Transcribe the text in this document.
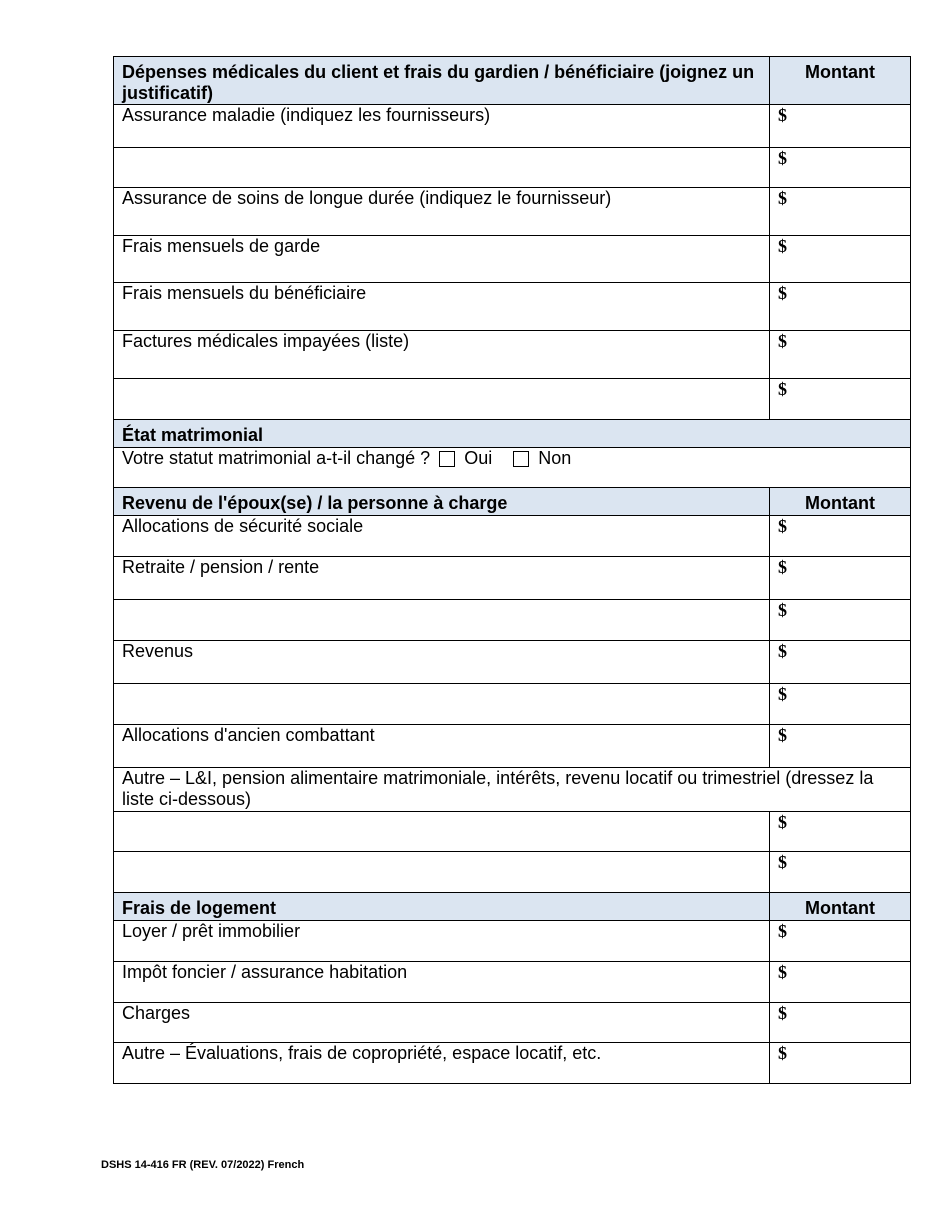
Dépenses médicales du client et frais du gardien / bénéficiaire (joignez un justificatif)	Montant
Assurance maladie (indiquez les fournisseurs)	$
	$
Assurance de soins de longue durée (indiquez le fournisseur)	$
Frais mensuels de garde	$
Frais mensuels du bénéficiaire	$
Factures médicales impayées (liste)	$
	$
État matrimonial	
Votre statut matrimonial a-t-il changé ? Oui Non	
Revenu de l'époux(se) / la personne à charge	Montant
Allocations de sécurité sociale	$
Retraite / pension / rente	$
	$
Revenus	$
	$
Allocations d'ancien combattant	$
Autre – L&I, pension alimentaire matrimoniale, intérêts, revenu locatif ou trimestriel (dressez la liste ci-dessous)	
	$
	$
Frais de logement	Montant
Loyer / prêt immobilier	$
Impôt foncier / assurance habitation	$
Charges	$
Autre – Évaluations, frais de copropriété, espace locatif, etc.	$
DSHS 14-416 FR (REV. 07/2022) French
